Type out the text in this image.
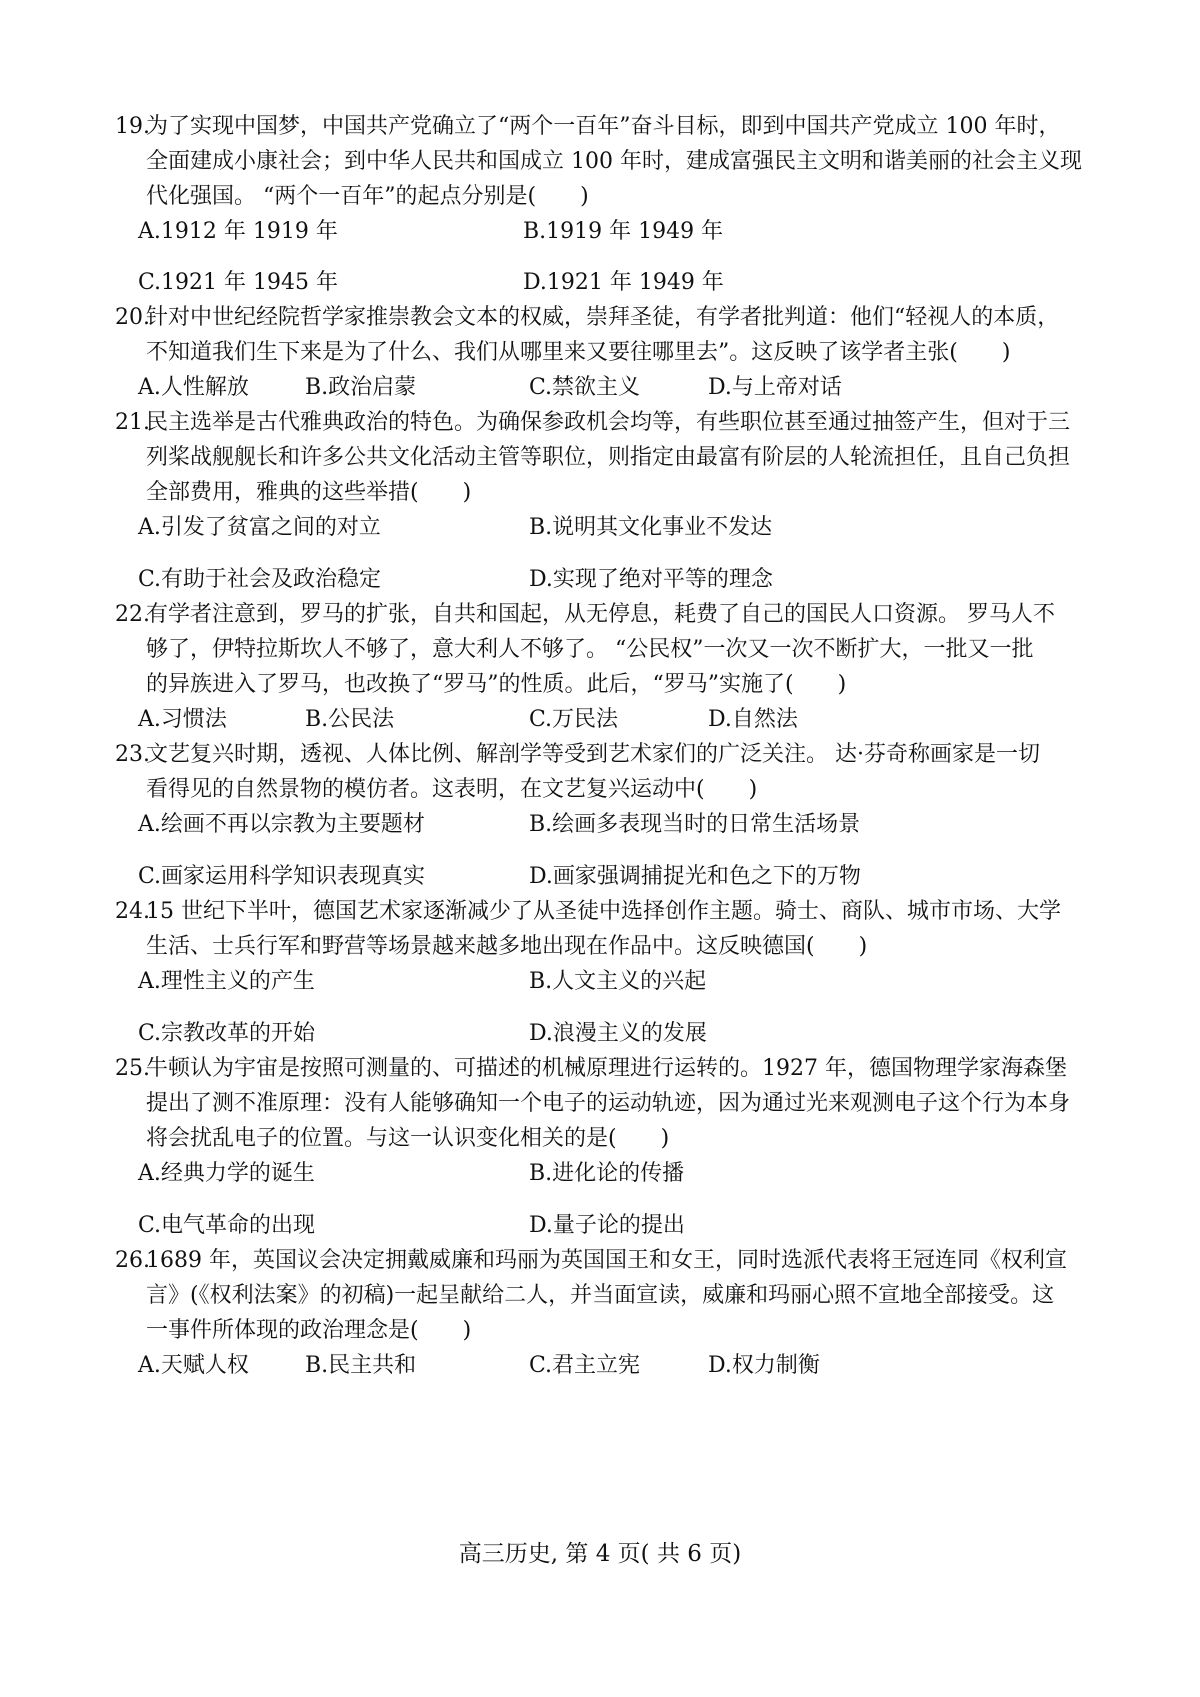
19.
为了实现中国梦，中国共产党确立了“两个一百年”奋斗目标，即到中国共产党成立 100 年时，
全面建成小康社会；到中华人民共和国成立 100 年时，建成富强民主文明和谐美丽的社会主义现
代化强国。 “两个一百年”的起点分别是(　　)
A.1912 年 1919 年	B.1919 年 1949 年
C.1921 年 1945 年	D.1921 年 1949 年
20.
针对中世纪经院哲学家推崇教会文本的权威，崇拜圣徒，有学者批判道：他们“轻视人的本质，
不知道我们生下来是为了什么、我们从哪里来又要往哪里去”。这反映了该学者主张(　　)
A.人性解放	B.政治启蒙	C.禁欲主义	D.与上帝对话
21.
民主选举是古代雅典政治的特色。为确保参政机会均等，有些职位甚至通过抽签产生，但对于三
列桨战舰舰长和许多公共文化活动主管等职位，则指定由最富有阶层的人轮流担任，且自己负担
全部费用，雅典的这些举措(　　)
A.引发了贫富之间的对立	B.说明其文化事业不发达
C.有助于社会及政治稳定	D.实现了绝对平等的理念
22.
有学者注意到，罗马的扩张，自共和国起，从无停息，耗费了自己的国民人口资源。 罗马人不
够了，伊特拉斯坎人不够了，意大利人不够了。 “公民权”一次又一次不断扩大，一批又一批
的异族进入了罗马，也改换了“罗马”的性质。此后，“罗马”实施了(　　)
A.习惯法	B.公民法	C.万民法	D.自然法
23.
文艺复兴时期，透视、人体比例、解剖学等受到艺术家们的广泛关注。 达·芬奇称画家是一切
看得见的自然景物的模仿者。这表明，在文艺复兴运动中(　　)
A.绘画不再以宗教为主要题材	B.绘画多表现当时的日常生活场景
C.画家运用科学知识表现真实	D.画家强调捕捉光和色之下的万物
24.
15 世纪下半叶，德国艺术家逐渐减少了从圣徒中选择创作主题。骑士、商队、城市市场、大学
生活、士兵行军和野营等场景越来越多地出现在作品中。这反映德国(　　)
A.理性主义的产生	B.人文主义的兴起
C.宗教改革的开始	D.浪漫主义的发展
25.
牛顿认为宇宙是按照可测量的、可描述的机械原理进行运转的。1927 年，德国物理学家海森堡
提出了测不准原理：没有人能够确知一个电子的运动轨迹，因为通过光来观测电子这个行为本身
将会扰乱电子的位置。与这一认识变化相关的是(　　)
A.经典力学的诞生	B.进化论的传播
C.电气革命的出现	D.量子论的提出
26.
1689 年，英国议会决定拥戴威廉和玛丽为英国国王和女王，同时选派代表将王冠连同《权利宣
言》(《权利法案》的初稿)一起呈献给二人，并当面宣读，威廉和玛丽心照不宣地全部接受。这
一事件所体现的政治理念是(　　)
A.天赋人权	B.民主共和	C.君主立宪	D.权力制衡
高三历史, 第 4 页( 共 6 页)
